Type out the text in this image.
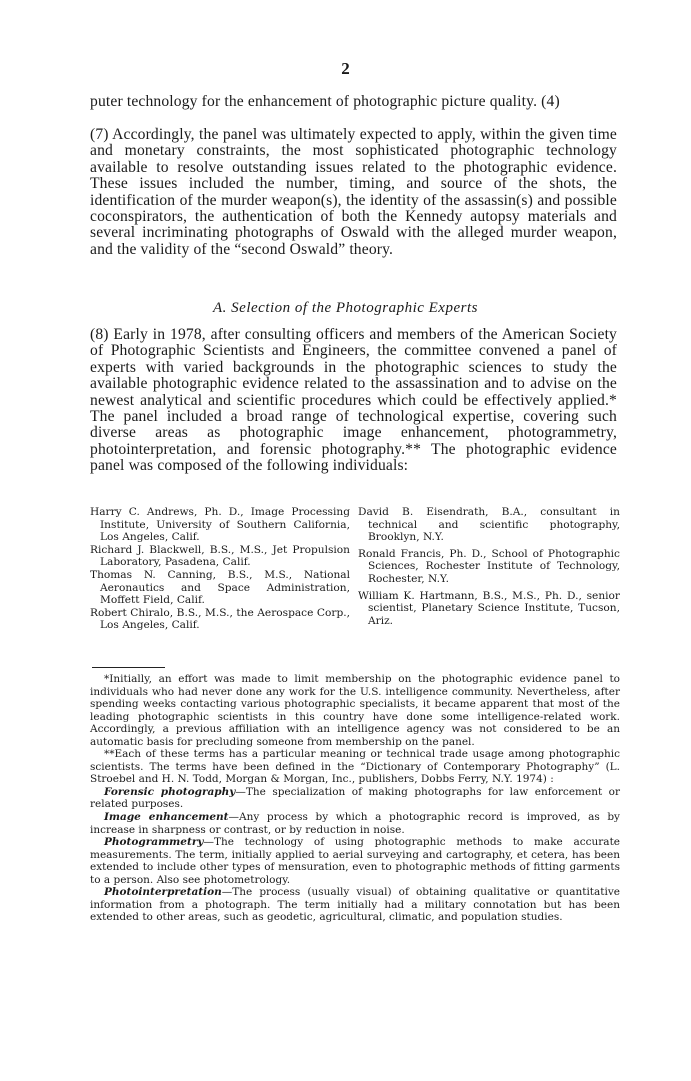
2

puter technology for the enhancement of photographic picture quality. (4)

(7) Accordingly, the panel was ultimately expected to apply, within the given time and monetary constraints, the most sophisticated photographic technology available to resolve outstanding issues related to the photographic evidence. These issues included the number, timing, and source of the shots, the identification of the murder weapon(s), the identity of the assassin(s) and possible coconspirators, the authentication of both the Kennedy autopsy materials and several incriminating photographs of Oswald with the alleged murder weapon, and the validity of the “second Oswald” theory.

A. Selection of the Photographic Experts

(8) Early in 1978, after consulting officers and members of the American Society of Photographic Scientists and Engineers, the committee convened a panel of experts with varied backgrounds in the photographic sciences to study the available photographic evidence related to the assassination and to advise on the newest analytical and scientific procedures which could be effectively applied.* The panel included a broad range of technological expertise, covering such diverse areas as photographic image enhancement, photogrammetry, photointerpretation, and forensic photography.** The photographic evidence panel was composed of the following individuals:

Harry C. Andrews, Ph. D., Image Processing Institute, University of Southern California, Los Angeles, Calif.
Richard J. Blackwell, B.S., M.S., Jet Propulsion Laboratory, Pasadena, Calif.
Thomas N. Canning, B.S., M.S., National Aeronautics and Space Administration, Moffett Field, Calif.
Robert Chiralo, B.S., M.S., the Aerospace Corp., Los Angeles, Calif.
David B. Eisendrath, B.A., consultant in technical and scientific photography, Brooklyn, N.Y.
Ronald Francis, Ph. D., School of Photographic Sciences, Rochester Institute of Technology, Rochester, N.Y.
William K. Hartmann, B.S., M.S., Ph. D., senior scientist, Planetary Science Institute, Tucson, Ariz.

*Initially, an effort was made to limit membership on the photographic evidence panel to individuals who had never done any work for the U.S. intelligence community. Nevertheless, after spending weeks contacting various photographic specialists, it became apparent that most of the leading photographic scientists in this country have done some intelligence-related work. Accordingly, a previous affiliation with an intelligence agency was not considered to be an automatic basis for precluding someone from membership on the panel.

**Each of these terms has a particular meaning or technical trade usage among photographic scientists. The terms have been defined in the “Dictionary of Contemporary Photography” (L. Stroebel and H. N. Todd, Morgan & Morgan, Inc., publishers, Dobbs Ferry, N.Y. 1974) :

Forensic photography—The specialization of making photographs for law enforcement or related purposes.

Image enhancement—Any process by which a photographic record is improved, as by increase in sharpness or contrast, or by reduction in noise.

Photogrammetry—The technology of using photographic methods to make accurate measurements. The term, initially applied to aerial surveying and cartography, et cetera, has been extended to include other types of mensuration, even to photographic methods of fitting garments to a person. Also see photometrology.

Photointerpretation—The process (usually visual) of obtaining qualitative or quantitative information from a photograph. The term initially had a military connotation but has been extended to other areas, such as geodetic, agricultural, climatic, and population studies.
